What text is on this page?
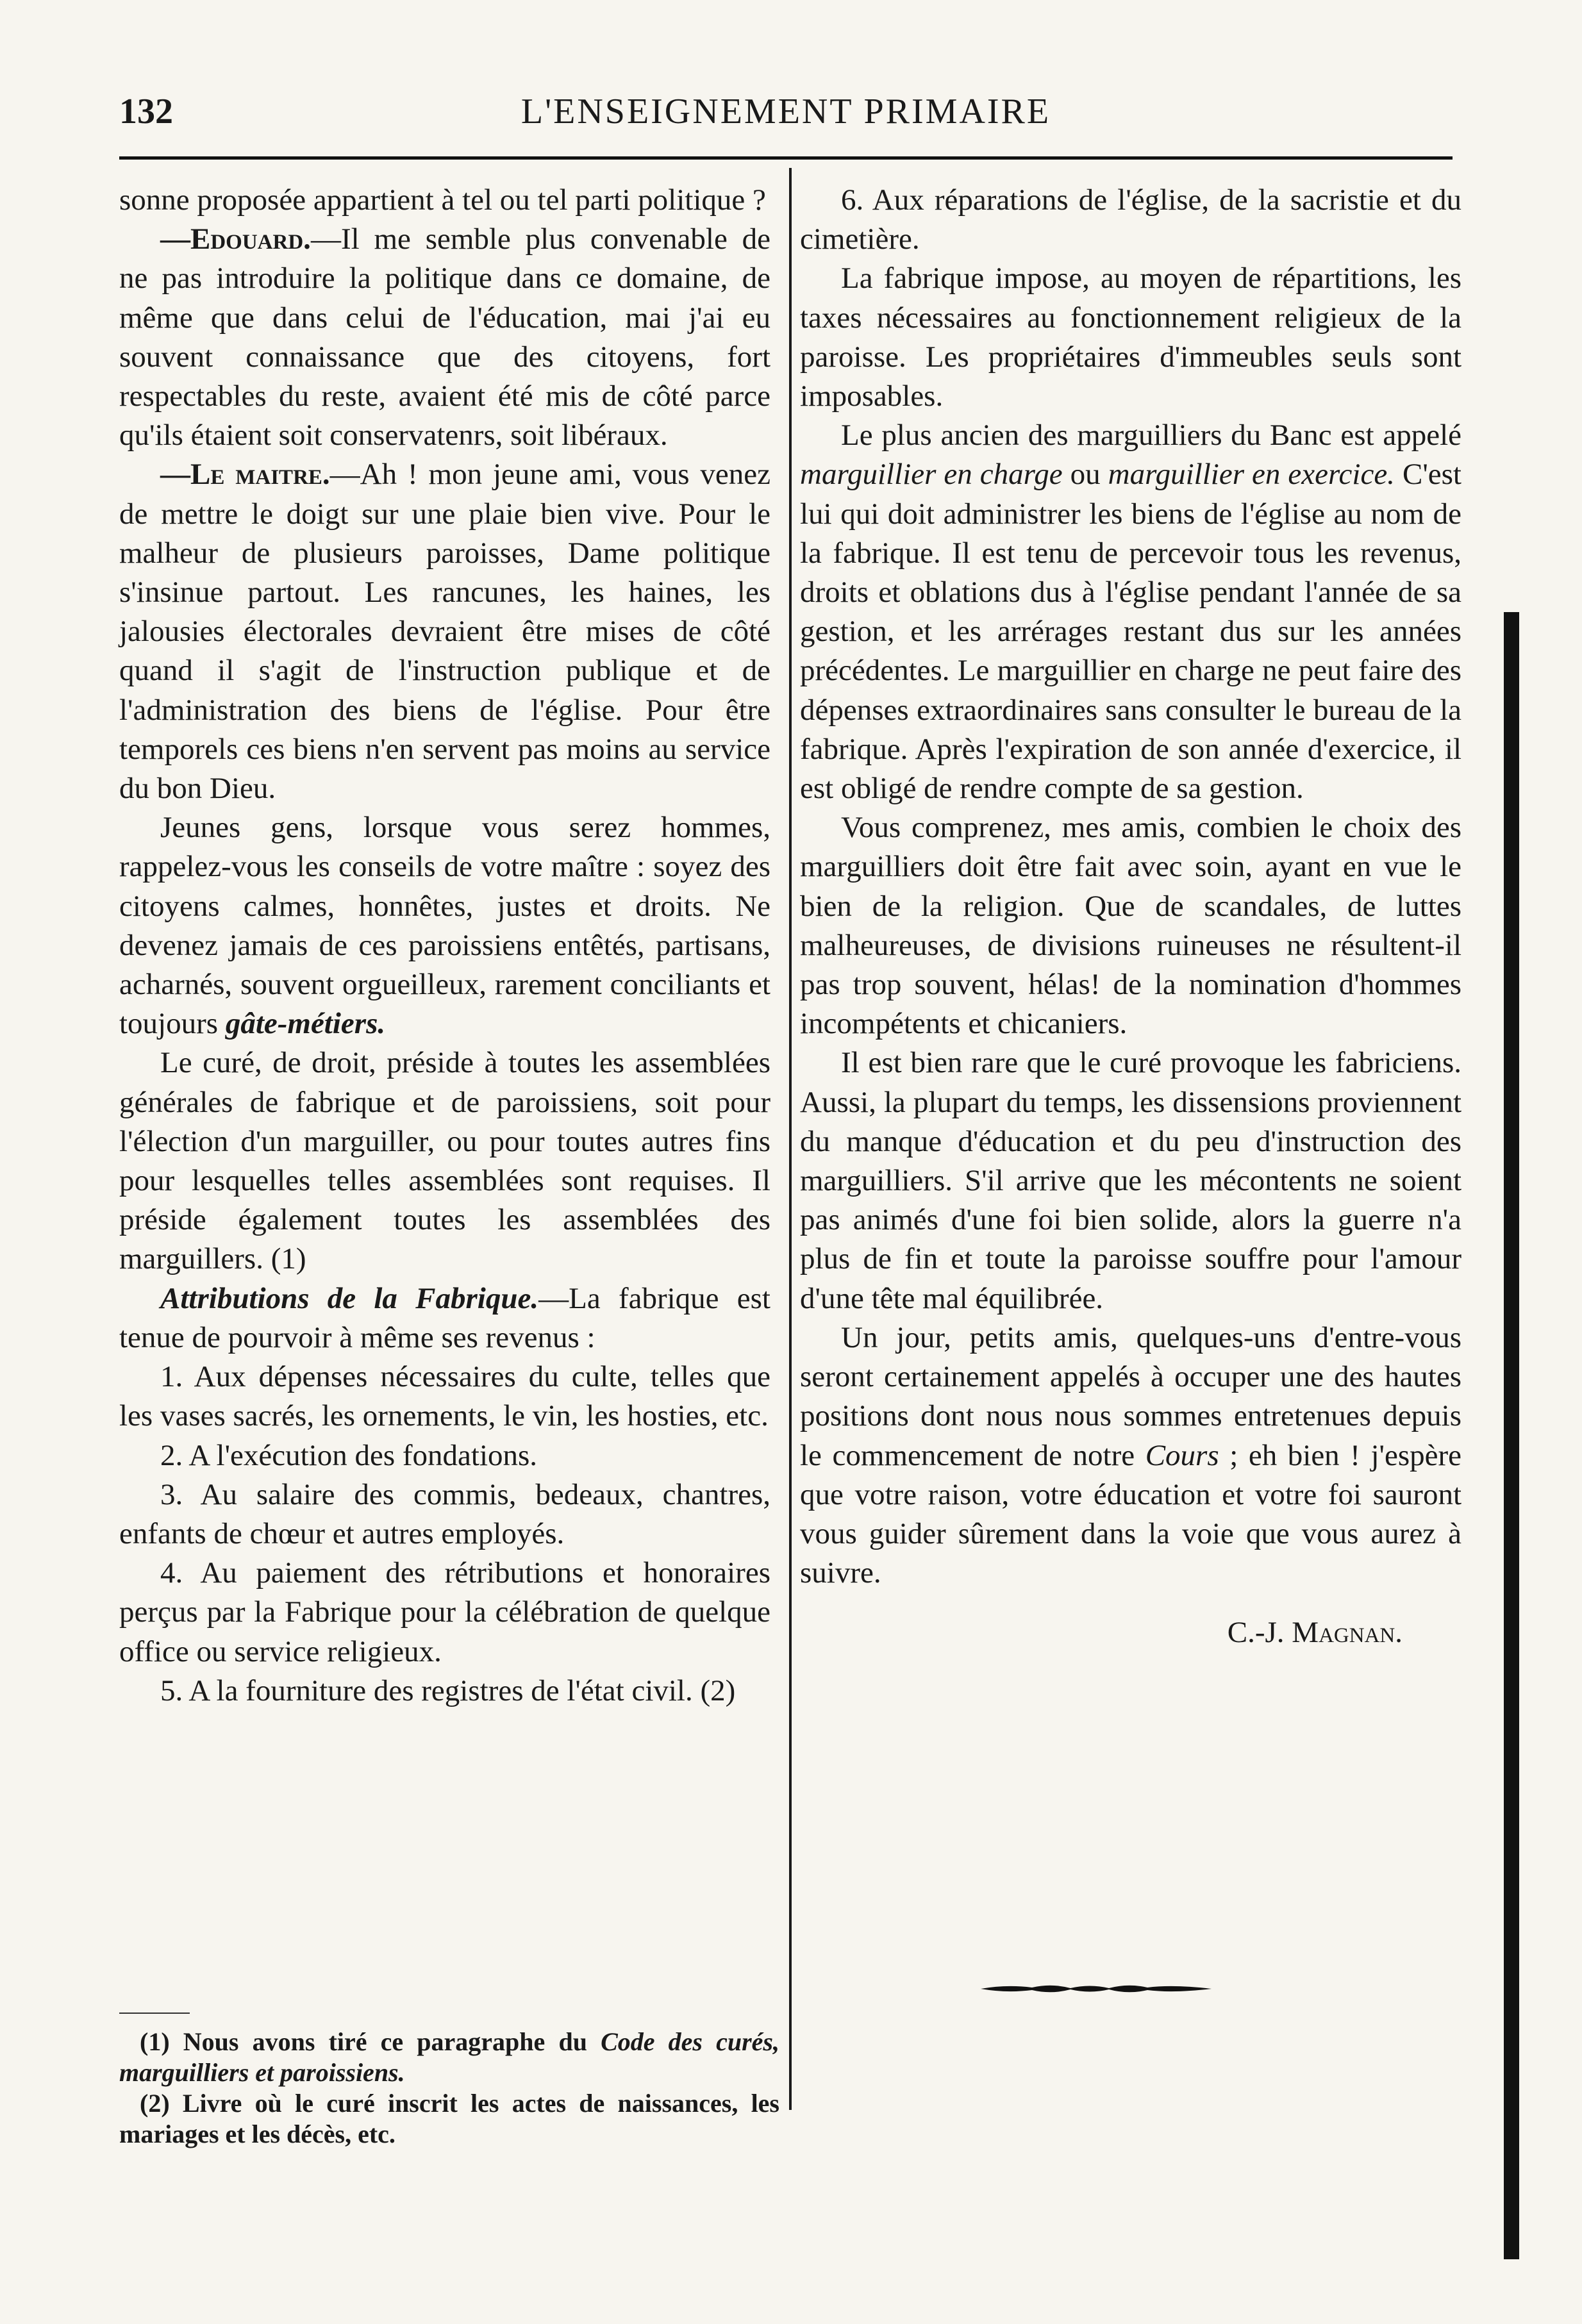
132	L'ENSEIGNEMENT PRIMAIRE

sonne proposée appartient à tel ou tel parti politique ?

—Edouard.—Il me semble plus convenable de ne pas introduire la politique dans ce domaine, de même que dans celui de l'éducation, mai j'ai eu souvent connaissance que des citoyens, fort respectables du reste, avaient été mis de côté parce qu'ils étaient soit conservatenrs, soit libéraux.

—Le maitre.—Ah ! mon jeune ami, vous venez de mettre le doigt sur une plaie bien vive. Pour le malheur de plusieurs paroisses, Dame politique s'insinue partout. Les rancunes, les haines, les jalousies électorales devraient être mises de côté quand il s'agit de l'instruction publique et de l'administration des biens de l'église. Pour être temporels ces biens n'en servent pas moins au service du bon Dieu.

Jeunes gens, lorsque vous serez hommes, rappelez-vous les conseils de votre maître : soyez des citoyens calmes, honnêtes, justes et droits. Ne devenez jamais de ces paroissiens entêtés, partisans, acharnés, souvent orgueilleux, rarement conciliants et toujours gâte-métiers.

Le curé, de droit, préside à toutes les assemblées générales de fabrique et de paroissiens, soit pour l'élection d'un marguiller, ou pour toutes autres fins pour lesquelles telles assemblées sont requises. Il préside également toutes les assemblées des marguillers. (1)

Attributions de la Fabrique.—La fabrique est tenue de pourvoir à même ses revenus :

1. Aux dépenses nécessaires du culte, telles que les vases sacrés, les ornements, le vin, les hosties, etc.

2. A l'exécution des fondations.

3. Au salaire des commis, bedeaux, chantres, enfants de chœur et autres employés.

4. Au paiement des rétributions et honoraires perçus par la Fabrique pour la célébration de quelque office ou service religieux.

5. A la fourniture des registres de l'état civil. (2)

6. Aux réparations de l'église, de la sacristie et du cimetière.

La fabrique impose, au moyen de répartitions, les taxes nécessaires au fonctionnement religieux de la paroisse. Les propriétaires d'immeubles seuls sont imposables.

Le plus ancien des marguilliers du Banc est appelé marguillier en charge ou marguillier en exercice. C'est lui qui doit administrer les biens de l'église au nom de la fabrique. Il est tenu de percevoir tous les revenus, droits et oblations dus à l'église pendant l'année de sa gestion, et les arrérages restant dus sur les années précédentes. Le marguillier en charge ne peut faire des dépenses extraordinaires sans consulter le bureau de la fabrique. Après l'expiration de son année d'exercice, il est obligé de rendre compte de sa gestion.

Vous comprenez, mes amis, combien le choix des marguilliers doit être fait avec soin, ayant en vue le bien de la religion. Que de scandales, de luttes malheureuses, de divisions ruineuses ne résultent-il pas trop souvent, hélas! de la nomination d'hommes incompétents et chicaniers.

Il est bien rare que le curé provoque les fabriciens. Aussi, la plupart du temps, les dissensions proviennent du manque d'éducation et du peu d'instruction des marguilliers. S'il arrive que les mécontents ne soient pas animés d'une foi bien solide, alors la guerre n'a plus de fin et toute la paroisse souffre pour l'amour d'une tête mal équilibrée.

Un jour, petits amis, quelques-uns d'entre-vous seront certainement appelés à occuper une des hautes positions dont nous nous sommes entretenues depuis le commencement de notre Cours ; eh bien ! j'espère que votre raison, votre éducation et votre foi sauront vous guider sûrement dans la voie que vous aurez à suivre.

C.-J. Magnan.

(1) Nous avons tiré ce paragraphe du Code des curés, marguilliers et paroissiens.

(2) Livre où le curé inscrit les actes de naissances, les mariages et les décès, etc.
